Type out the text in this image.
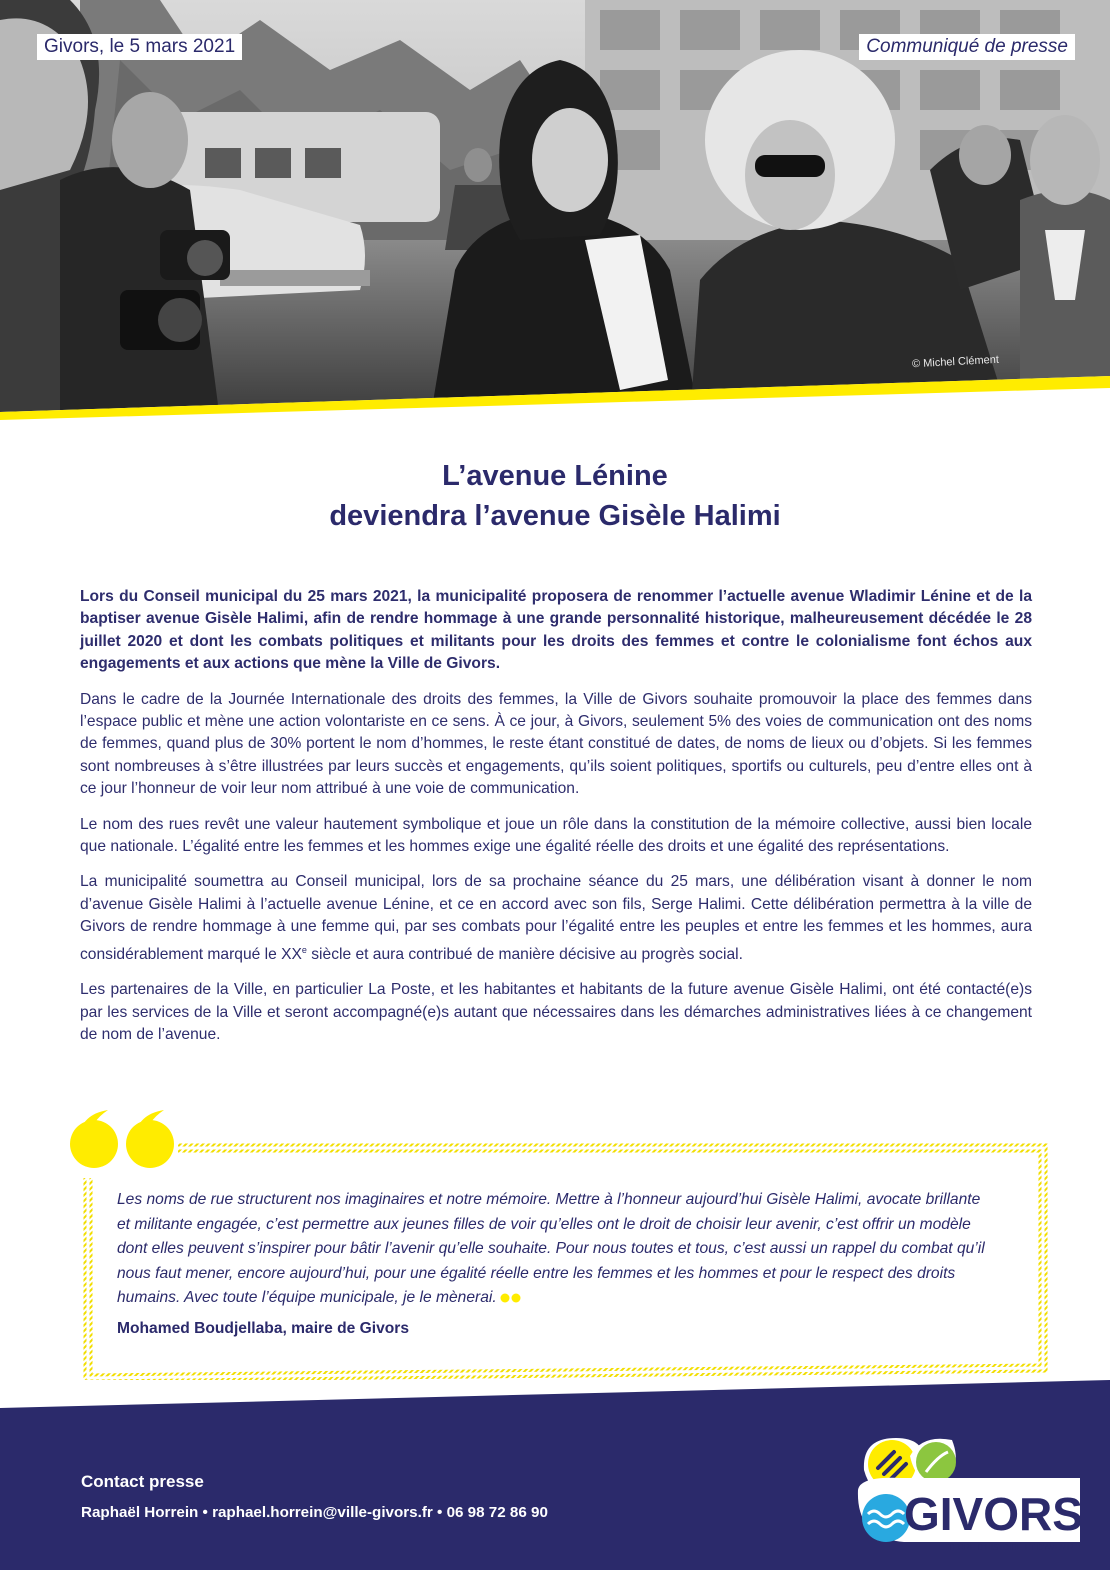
Givors, le 5 mars 2021	Communiqué de presse
© Michel Clément
L’avenue Lénine
deviendra l’avenue Gisèle Halimi

Lors du Conseil municipal du 25 mars 2021, la municipalité proposera de renommer l’actuelle avenue Wladimir Lénine et de la baptiser avenue Gisèle Halimi, afin de rendre hommage à une grande personnalité historique, malheureusement décédée le 28 juillet 2020 et dont les combats politiques et militants pour les droits des femmes et contre le colonialisme font échos aux engagements et aux actions que mène la Ville de Givors.

Dans le cadre de la Journée Internationale des droits des femmes, la Ville de Givors souhaite promouvoir la place des femmes dans l’espace public et mène une action volontariste en ce sens. À ce jour, à Givors, seulement 5% des voies de communication ont des noms de femmes, quand plus de 30% portent le nom d’hommes, le reste étant constitué de dates, de noms de lieux ou d’objets. Si les femmes sont nombreuses à s’être illustrées par leurs succès et engagements, qu’ils soient politiques, sportifs ou culturels, peu d’entre elles ont à ce jour l’honneur de voir leur nom attribué à une voie de communication.

Le nom des rues revêt une valeur hautement symbolique et joue un rôle dans la constitution de la mémoire collective, aussi bien locale que nationale. L’égalité entre les femmes et les hommes exige une égalité réelle des droits et une égalité des représentations.

La municipalité soumettra au Conseil municipal, lors de sa prochaine séance du 25 mars, une délibération visant à donner le nom d’avenue Gisèle Halimi à l’actuelle avenue Lénine, et ce en accord avec son fils, Serge Halimi. Cette délibération permettra à la ville de Givors de rendre hommage à une femme qui, par ses combats pour l’égalité entre les peuples et entre les femmes et les hommes, aura considérablement marqué le XXe siècle et aura contribué de manière décisive au progrès social.

Les partenaires de la Ville, en particulier La Poste, et les habitantes et habitants de la future avenue Gisèle Halimi, ont été contacté(e)s par les services de la Ville et seront accompagné(e)s autant que nécessaires dans les démarches administratives liées à ce changement de nom de l’avenue.

Les noms de rue structurent nos imaginaires et notre mémoire. Mettre à l’honneur aujourd’hui Gisèle Halimi, avocate brillante et militante engagée, c’est permettre aux jeunes filles de voir qu’elles ont le droit de choisir leur avenir, c’est offrir un modèle dont elles peuvent s’inspirer pour bâtir l’avenir qu’elle souhaite. Pour nous toutes et tous, c’est aussi un rappel du combat qu’il nous faut mener, encore aujourd’hui, pour une égalité réelle entre les femmes et les hommes et pour le respect des droits humains. Avec toute l’équipe municipale, je le mènerai.
Mohamed Boudjellaba, maire de Givors
Contact presse
Raphaël Horrein • raphael.horrein@ville-givors.fr • 06 98 72 86 90	GIVORS
TERRE D’HISTOIRE ET D’AVENIR
